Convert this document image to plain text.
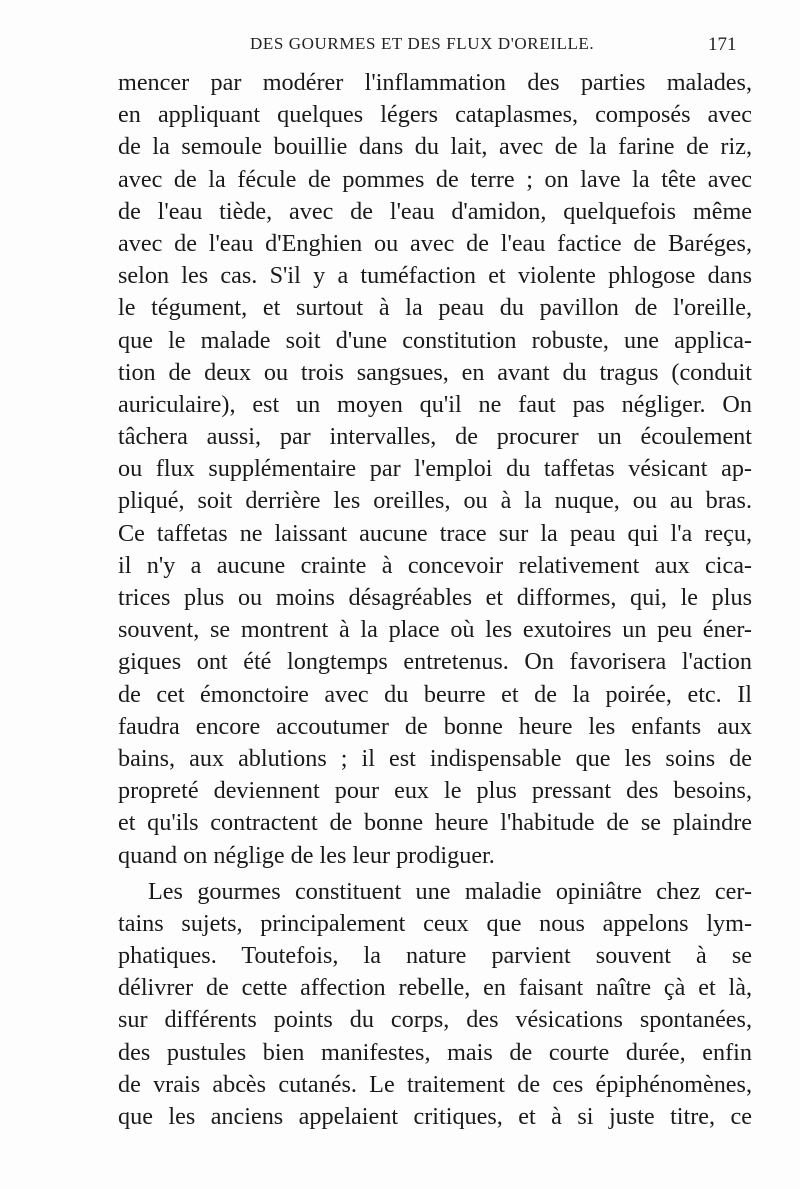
DES GOURMES ET DES FLUX D'OREILLE.	171
mencer par modérer l'inflammation des parties malades,
en appliquant quelques légers cataplasmes, composés avec
de la semoule bouillie dans du lait, avec de la farine de riz,
avec de la fécule de pommes de terre ; on lave la tête avec
de l'eau tiède, avec de l'eau d'amidon, quelquefois même
avec de l'eau d'Enghien ou avec de l'eau factice de Baréges,
selon les cas. S'il y a tuméfaction et violente phlogose dans
le tégument, et surtout à la peau du pavillon de l'oreille,
que le malade soit d'une constitution robuste, une applica-
tion de deux ou trois sangsues, en avant du tragus (conduit
auriculaire), est un moyen qu'il ne faut pas négliger. On
tâchera aussi, par intervalles, de procurer un écoulement
ou flux supplémentaire par l'emploi du taffetas vésicant ap-
pliqué, soit derrière les oreilles, ou à la nuque, ou au bras.
Ce taffetas ne laissant aucune trace sur la peau qui l'a reçu,
il n'y a aucune crainte à concevoir relativement aux cica-
trices plus ou moins désagréables et difformes, qui, le plus
souvent, se montrent à la place où les exutoires un peu éner-
giques ont été longtemps entretenus. On favorisera l'action
de cet émonctoire avec du beurre et de la poirée, etc. Il
faudra encore accoutumer de bonne heure les enfants aux
bains, aux ablutions ; il est indispensable que les soins de
propreté deviennent pour eux le plus pressant des besoins,
et qu'ils contractent de bonne heure l'habitude de se plaindre
quand on néglige de les leur prodiguer.
Les gourmes constituent une maladie opiniâtre chez cer-
tains sujets, principalement ceux que nous appelons lym-
phatiques. Toutefois, la nature parvient souvent à se
délivrer de cette affection rebelle, en faisant naître çà et là,
sur différents points du corps, des vésications spontanées,
des pustules bien manifestes, mais de courte durée, enfin
de vrais abcès cutanés. Le traitement de ces épiphénomènes,
que les anciens appelaient critiques, et à si juste titre, ce
